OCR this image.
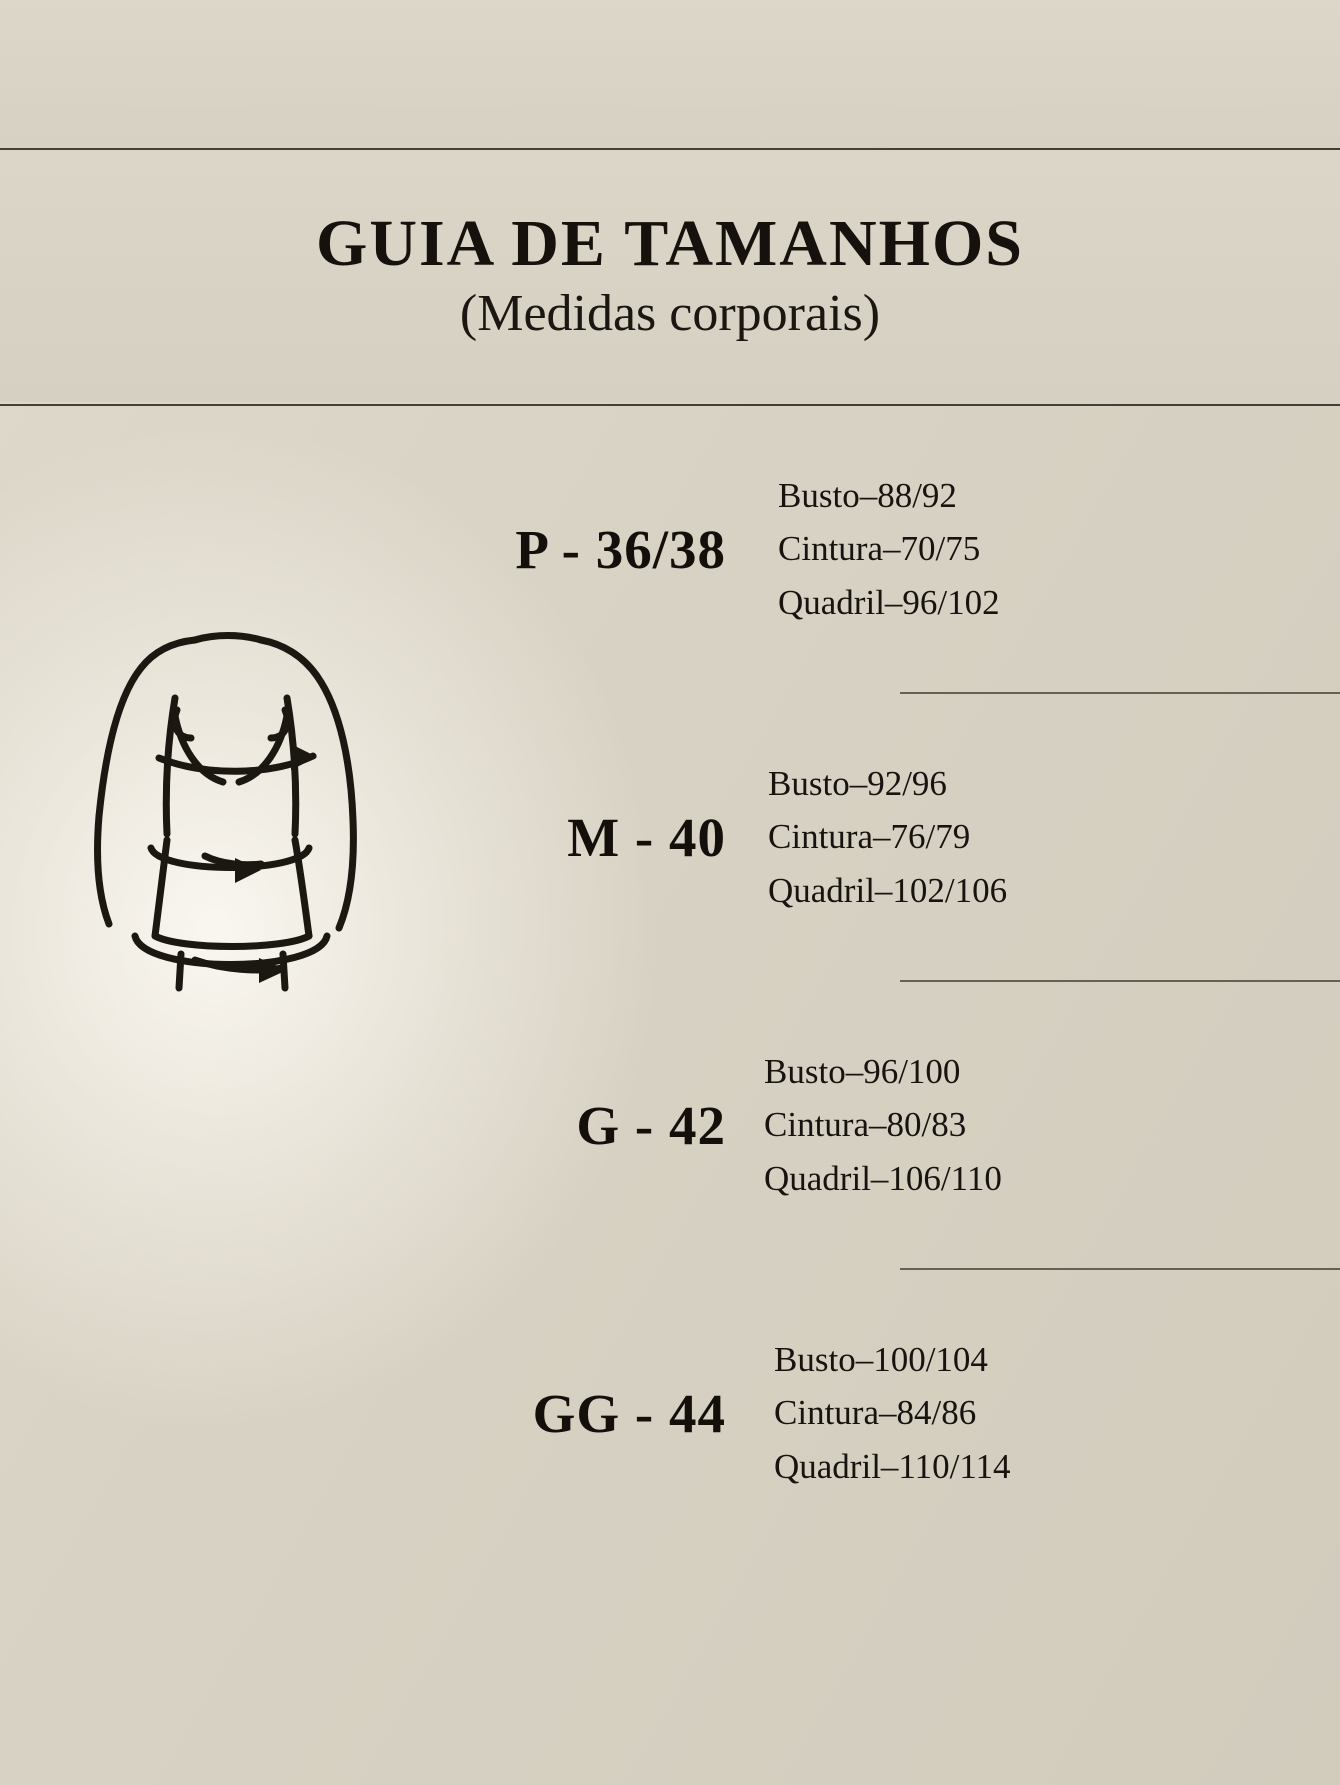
GUIA DE TAMANHOS
(Medidas corporais)
P - 36/38
Busto–88/92
Cintura–70/75
Quadril–96/102
M - 40
Busto–92/96
Cintura–76/79
Quadril–102/106
G - 42
Busto–96/100
Cintura–80/83
Quadril–106/110
GG - 44
Busto–100/104
Cintura–84/86
Quadril–110/114
